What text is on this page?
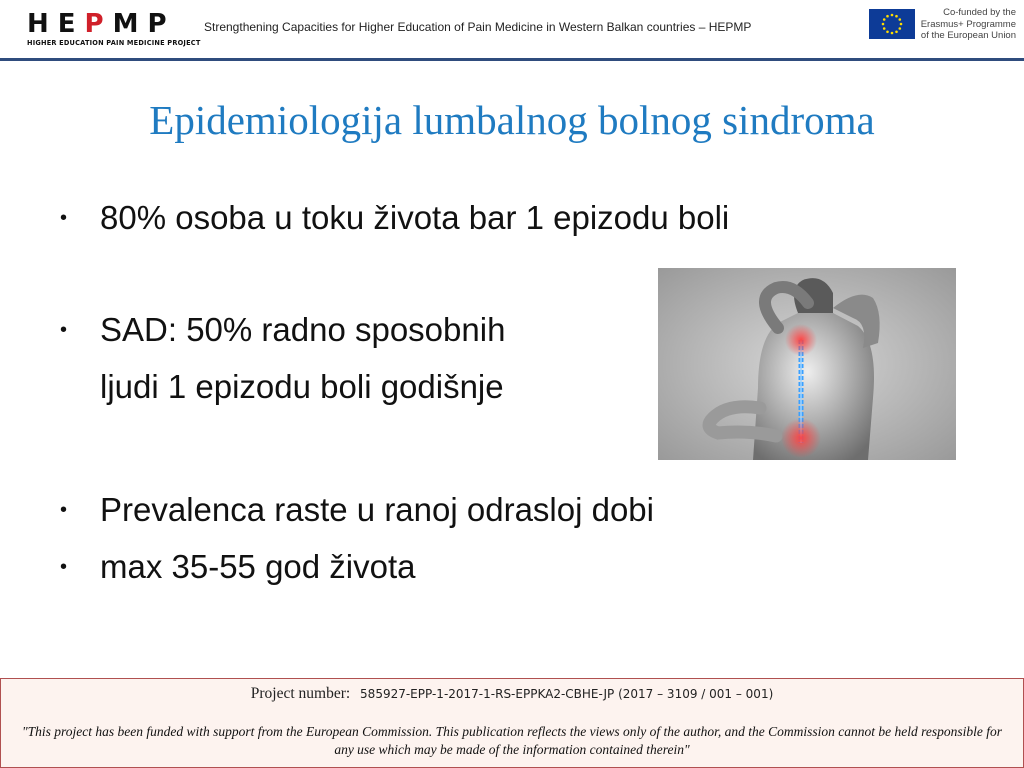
HEPMP
HIGHER EDUCATION PAIN MEDICINE PROJECT
Strengthening Capacities for Higher Education of Pain Medicine in Western Balkan countries – HEPMP
Co-funded by the
Erasmus+ Programme
of the European Union
Epidemiologija lumbalnog bolnog sindroma
• 80% osoba u toku života bar 1 epizodu boli
• SAD: 50% radno sposobnih
ljudi 1 epizodu boli godišnje
• Prevalenca raste u ranoj odrasloj dobi
• max 35-55 god života
Project number: 585927-EPP-1-2017-1-RS-EPPKA2-CBHE-JP (2017 – 3109 / 001 – 001)
"This project has been funded with support from the European Commission. This publication reflects the views only of the author, and the Commission cannot be held responsible for any use which may be made of the information contained therein"
